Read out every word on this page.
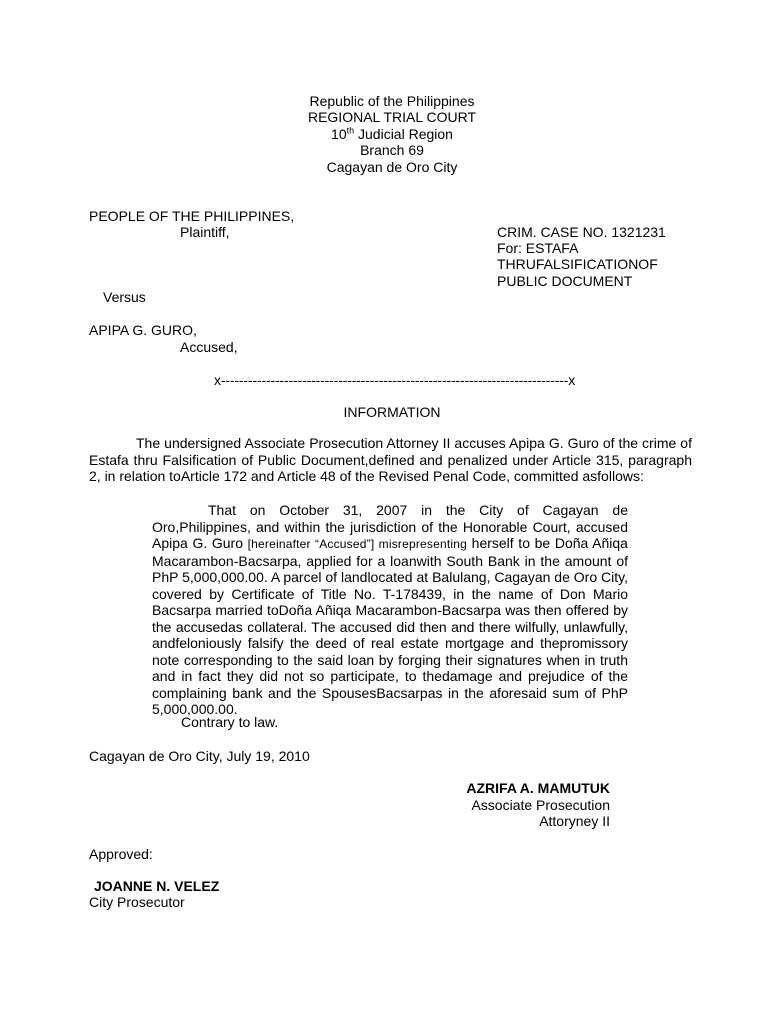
Republic of the Philippines
REGIONAL TRIAL COURT
10th Judicial Region
Branch 69
Cagayan de Oro City
PEOPLE OF THE PHILIPPINES,
Plaintiff,	CRIM. CASE NO. 1321231
For: ESTAFA
THRUFALSIFICATIONOF
PUBLIC DOCUMENT
Versus
APIPA G. GURO,
Accused,
x-----------------------------------------------------------------------------x
INFORMATION
The undersigned Associate Prosecution Attorney II accuses Apipa G. Guro of the crime of Estafa thru Falsification of Public Document,defined and penalized under Article 315, paragraph 2, in relation toArticle 172 and Article 48 of the Revised Penal Code, committed asfollows:
That on October 31, 2007 in the City of Cagayan de Oro,Philippines, and within the jurisdiction of the Honorable Court, accused Apipa G. Guro [hereinafter “Accused”] misrepresenting herself to be Doña Añiqa Macarambon-Bacsarpa, applied for a loanwith South Bank in the amount of PhP 5,000,000.00. A parcel of landlocated at Balulang, Cagayan de Oro City, covered by Certificate of Title No. T-178439, in the name of Don Mario Bacsarpa married toDoña Añiqa Macarambon-Bacsarpa was then offered by the accusedas collateral. The accused did then and there wilfully, unlawfully, andfeloniously falsify the deed of real estate mortgage and thepromissory note corresponding to the said loan by forging their signatures when in truth and in fact they did not so participate, to thedamage and prejudice of the complaining bank and the SpousesBacsarpas in the aforesaid sum of PhP 5,000,000.00.
Contrary to law.
Cagayan de Oro City, July 19, 2010
AZRIFA A. MAMUTUK
Associate Prosecution
Attoryney II
Approved:
JOANNE N. VELEZ
City Prosecutor
